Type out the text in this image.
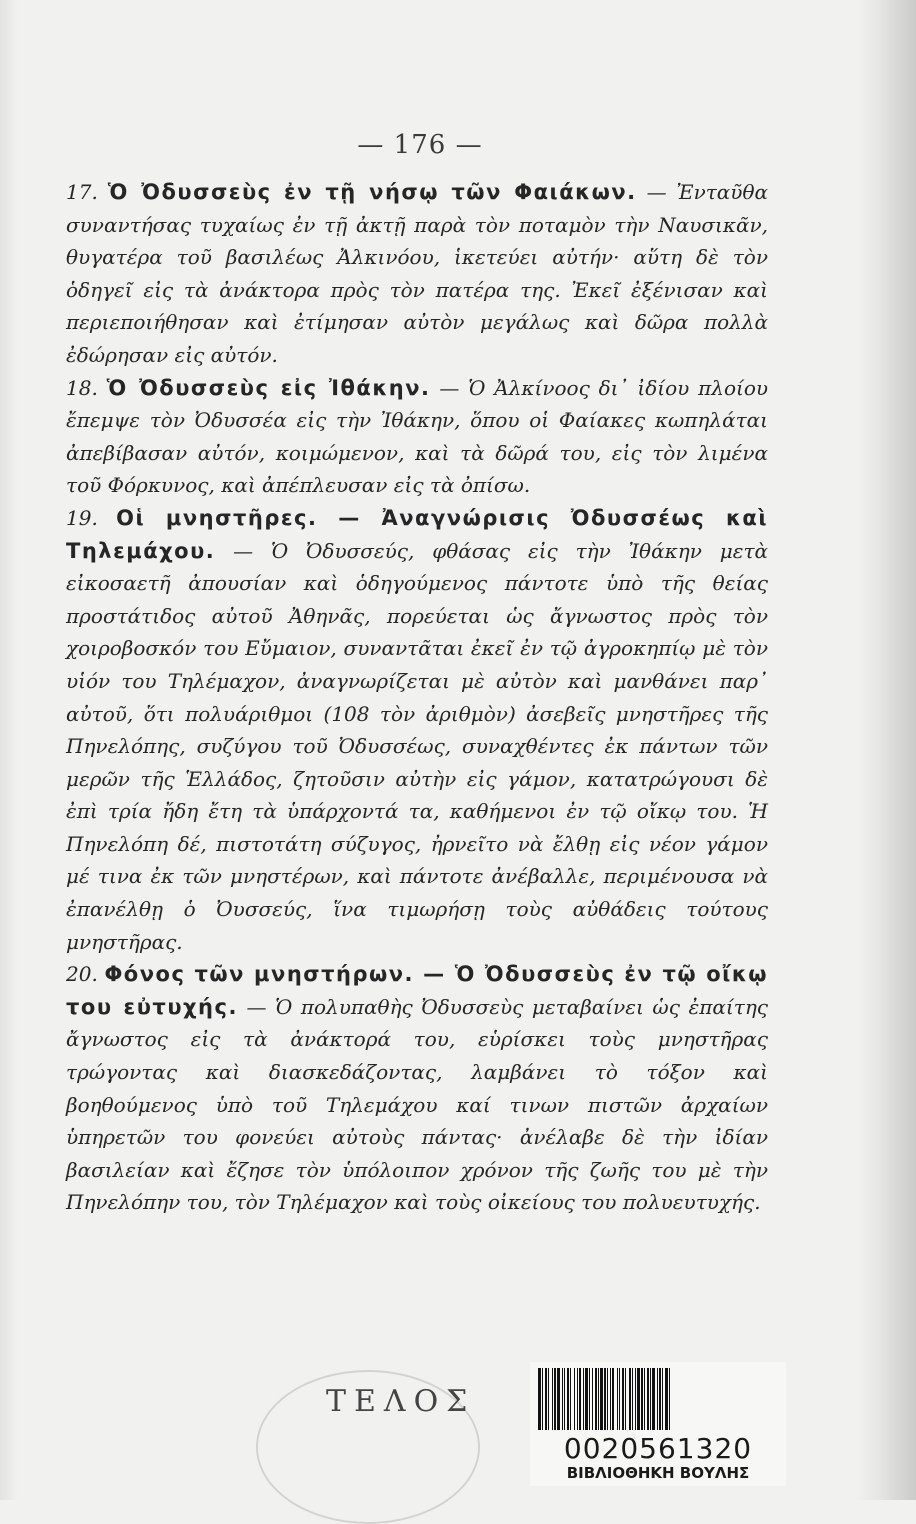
— 176 —

17. Ὁ Ὀδυσσεὺς ἐν τῇ νήσῳ τῶν Φαιάκων. — Ἐνταῦθα συναντήσας τυχαίως ἐν τῇ ἀκτῇ παρὰ τὸν ποταμὸν τὴν Ναυσικᾶν, θυγατέρα τοῦ βασιλέως Ἀλκινόου, ἱκετεύει αὐτήν· αὕτη δὲ τὸν ὁδηγεῖ εἰς τὰ ἀνάκτορα πρὸς τὸν πατέρα της. Ἐκεῖ ἐξένισαν καὶ περιεποιήθησαν καὶ ἐτίμησαν αὐτὸν μεγάλως καὶ δῶρα πολλὰ ἐδώρησαν εἰς αὐτόν.

18. Ὁ Ὀδυσσεὺς εἰς Ἰθάκην. — Ὁ Ἀλκίνοος δι᾽ ἰδίου πλοίου ἔπεμψε τὸν Ὀδυσσέα εἰς τὴν Ἰθάκην, ὅπου οἱ Φαίακες κωπηλάται ἀπεβίβασαν αὐτόν, κοιμώμενον, καὶ τὰ δῶρά του, εἰς τὸν λιμένα τοῦ Φόρκυνος, καὶ ἀπέπλευσαν εἰς τὰ ὀπίσω.

19. Οἱ μνηστῆρες. — Ἀναγνώρισις Ὀδυσσέως καὶ Τηλεμάχου. — Ὁ Ὀδυσσεύς, φθάσας εἰς τὴν Ἰθάκην μετὰ εἰκοσαετῆ ἀπουσίαν καὶ ὁδηγούμενος πάντοτε ὑπὸ τῆς θείας προστάτιδος αὐτοῦ Ἀθηνᾶς, πορεύεται ὡς ἄγνωστος πρὸς τὸν χοιροβοσκόν του Εὔμαιον, συναντᾶται ἐκεῖ ἐν τῷ ἀγροκηπίῳ μὲ τὸν υἱόν του Τηλέμαχον, ἀναγνωρίζεται μὲ αὐτὸν καὶ μανθάνει παρ᾽ αὐτοῦ, ὅτι πολυάριθμοι (108 τὸν ἀριθμὸν) ἀσεβεῖς μνηστῆρες τῆς Πηνελόπης, συζύγου τοῦ Ὀδυσσέως, συναχθέντες ἐκ πάντων τῶν μερῶν τῆς Ἑλλάδος, ζητοῦσιν αὐτὴν εἰς γάμον, κατατρώγουσι δὲ ἐπὶ τρία ἤδη ἔτη τὰ ὑπάρχοντά τα, καθήμενοι ἐν τῷ οἴκῳ του. Ἡ Πηνελόπη δέ, πιστοτάτη σύζυγος, ἠρνεῖτο νὰ ἔλθῃ εἰς νέον γάμον μέ τινα ἐκ τῶν μνηστέρων, καὶ πάντοτε ἀνέβαλλε, περιμένουσα νὰ ἐπανέλθῃ ὁ Ὀυσσεύς, ἵνα τιμωρήσῃ τοὺς αὐθάδεις τούτους μνηστῆρας.

20. Φόνος τῶν μνηστήρων. — Ὁ Ὀδυσσεὺς ἐν τῷ οἴκῳ του εὐτυχής. — Ὁ πολυπαθὴς Ὀδυσσεὺς μεταβαίνει ὡς ἐπαίτης ἄγνωστος εἰς τὰ ἀνάκτορά του, εὑρίσκει τοὺς μνηστῆρας τρώγοντας καὶ διασκεδάζοντας, λαμβάνει τὸ τόξον καὶ βοηθούμενος ὑπὸ τοῦ Τηλεμάχου καί τινων πιστῶν ἀρχαίων ὑπηρετῶν του φονεύει αὐτοὺς πάντας· ἀνέλαβε δὲ τὴν ἰδίαν βασιλείαν καὶ ἔζησε τὸν ὑπόλοιπον χρόνον τῆς ζωῆς του μὲ τὴν Πηνελόπην του, τὸν Τηλέμαχον καὶ τοὺς οἰκείους του πολυευτυχής.

ΤΕΛΟΣ
0020561320
ΒΙΒΛΙΟΘΗΚΗ ΒΟΥΛΗΣ
